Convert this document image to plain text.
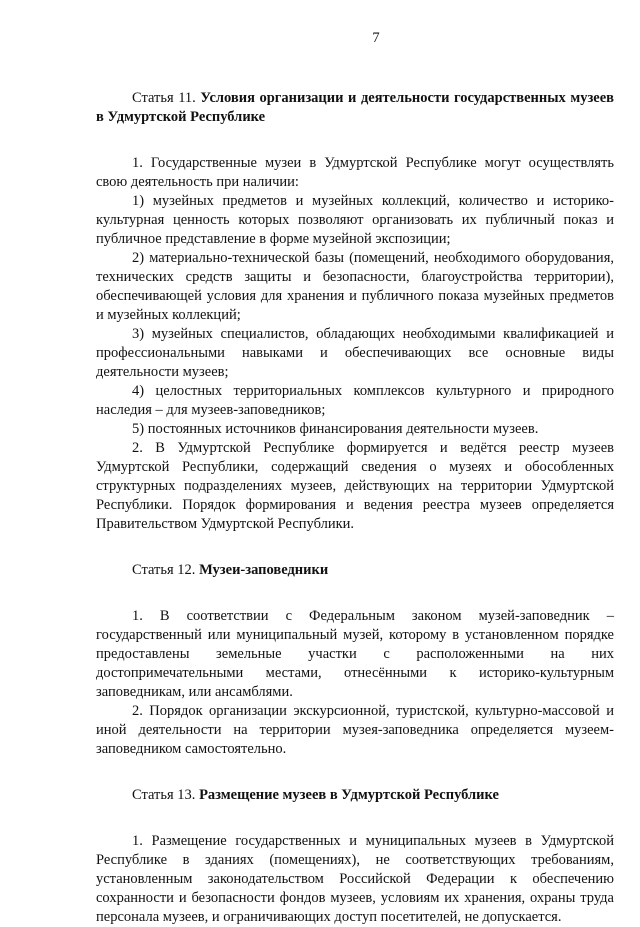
7

Статья 11. Условия организации и деятельности государственных музеев в Удмуртской Республике

1. Государственные музеи в Удмуртской Республике могут осуществлять свою деятельность при наличии:

1) музейных предметов и музейных коллекций, количество и историко-культурная ценность которых позволяют организовать их публичный показ и публичное представление в форме музейной экспозиции;

2) материально-технической базы (помещений, необходимого оборудования, технических средств защиты и безопасности, благоустройства территории), обеспечивающей условия для хранения и публичного показа музейных предметов и музейных коллекций;

3) музейных специалистов, обладающих необходимыми квалификацией и профессиональными навыками и обеспечивающих все основные виды деятельности музеев;

4) целостных территориальных комплексов культурного и природного наследия – для музеев-заповедников;

5) постоянных источников финансирования деятельности музеев.

2. В Удмуртской Республике формируется и ведётся реестр музеев Удмуртской Республики, содержащий сведения о музеях и обособленных структурных подразделениях музеев, действующих на территории Удмуртской Республики. Порядок формирования и ведения реестра музеев определяется Правительством Удмуртской Республики.

Статья 12. Музеи-заповедники

1. В соответствии с Федеральным законом музей-заповедник – государственный или муниципальный музей, которому в установленном порядке предоставлены земельные участки с расположенными на них достопримечательными местами, отнесёнными к историко-культурным заповедникам, или ансамблями.

2. Порядок организации экскурсионной, туристской, культурно-массовой и иной деятельности на территории музея-заповедника определяется музеем-заповедником самостоятельно.

Статья 13. Размещение музеев в Удмуртской Республике

1. Размещение государственных и муниципальных музеев в Удмуртской Республике в зданиях (помещениях), не соответствующих требованиям, установленным законодательством Российской Федерации к обеспечению сохранности и безопасности фондов музеев, условиям их хранения, охраны труда персонала музеев, и ограничивающих доступ посетителей, не допускается.
